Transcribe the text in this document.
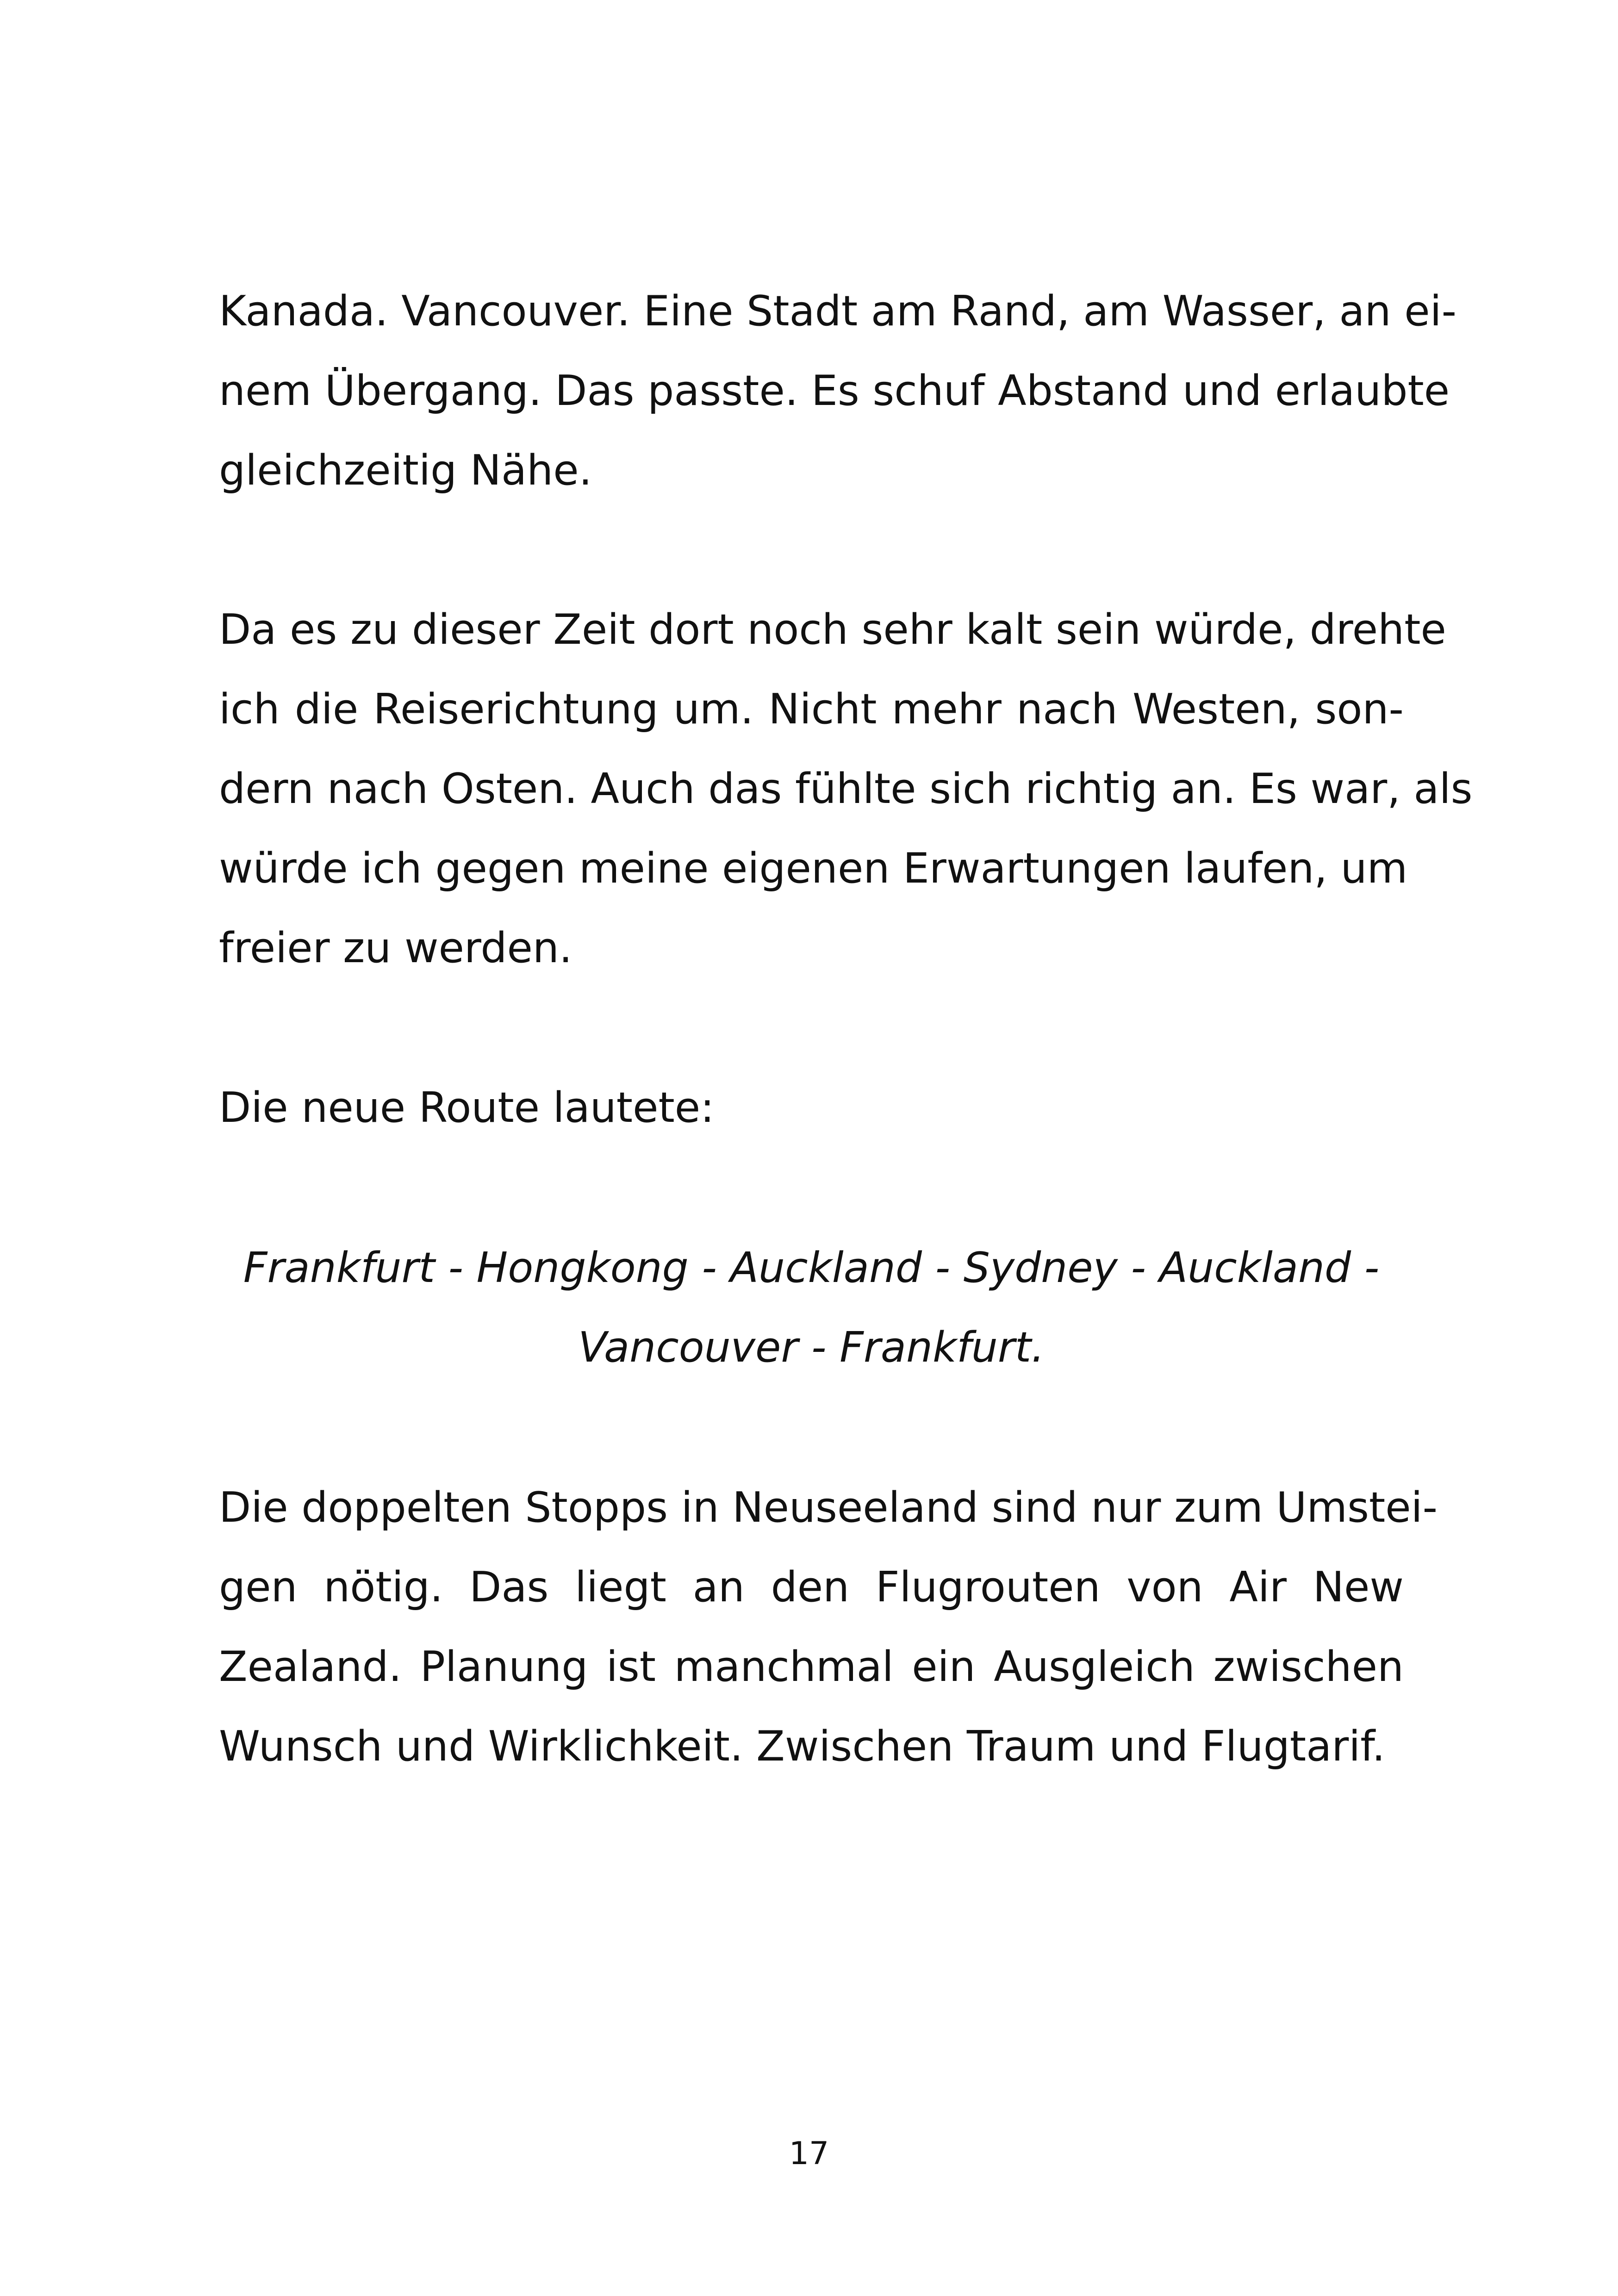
Kanada. Vancouver. Eine Stadt am Rand, am Wasser, an ei-
nem Übergang. Das passte. Es schuf Abstand und erlaubte
gleichzeitig Nähe.
Da es zu dieser Zeit dort noch sehr kalt sein würde, drehte
ich die Reiserichtung um. Nicht mehr nach Westen, son-
dern nach Osten. Auch das fühlte sich richtig an. Es war, als
würde ich gegen meine eigenen Erwartungen laufen, um
freier zu werden.
Die neue Route lautete:
Frankfurt - Hongkong - Auckland - Sydney - Auckland -
Vancouver - Frankfurt.
Die doppelten Stopps in Neuseeland sind nur zum Umstei-
gen nötig. Das liegt an den Flugrouten von Air New
Zealand. Planung ist manchmal ein Ausgleich zwischen
Wunsch und Wirklichkeit. Zwischen Traum und Flugtarif.
17
